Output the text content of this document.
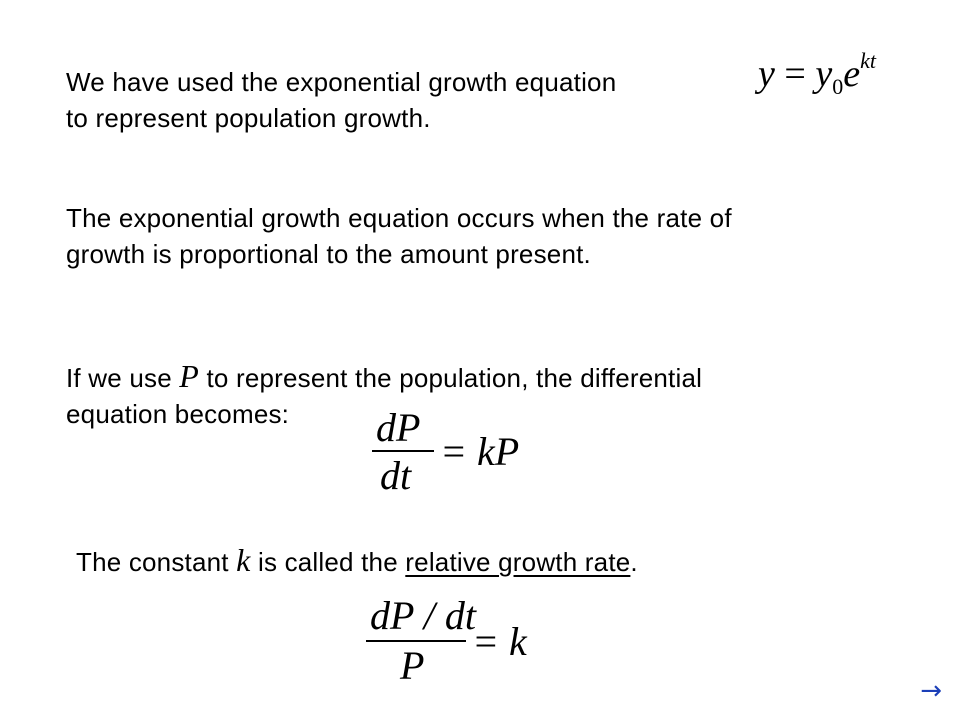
We have used the exponential growth equation
to represent population growth.
$y = y_0e^{kt}$
The exponential growth equation occurs when the rate of
growth is proportional to the amount present.
If we use P to represent the population, the differential
equation becomes:	dP
dt
= kP
The constant k is called the relative growth rate.
dP / dt
P
= k
→
